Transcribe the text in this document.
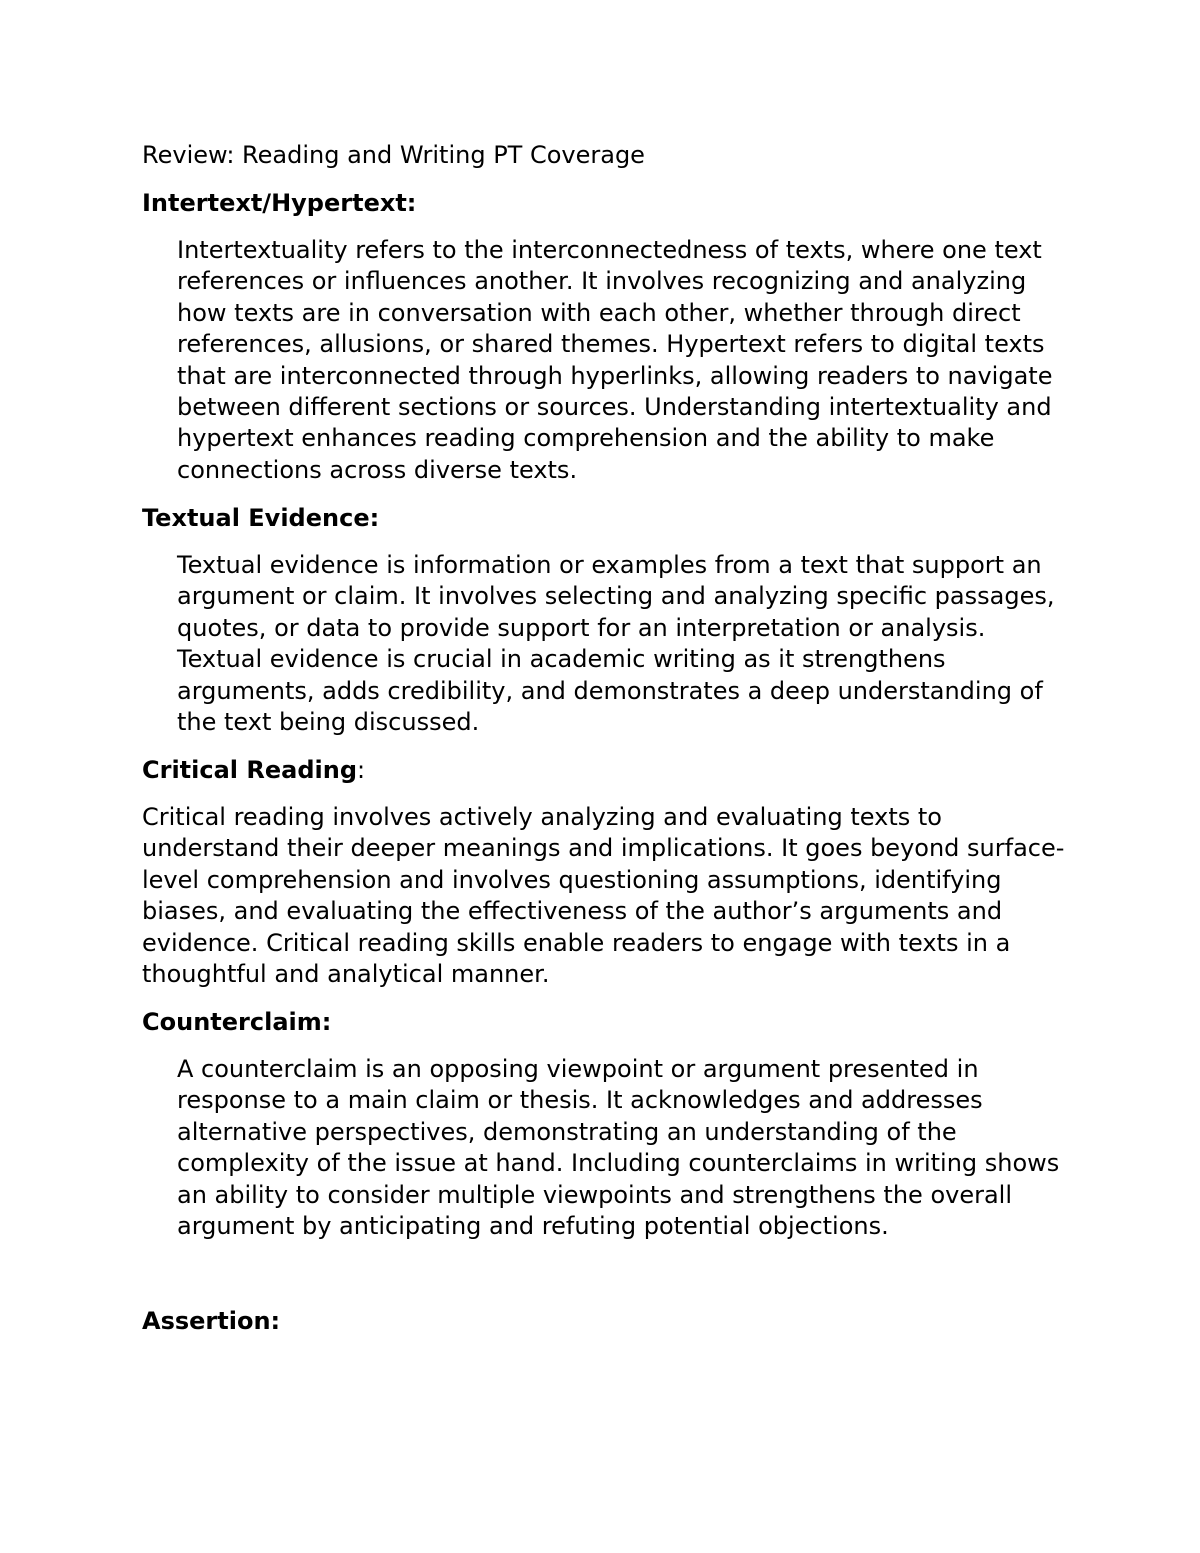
Review: Reading and Writing PT Coverage
Intertext/Hypertext:
Intertextuality refers to the interconnectedness of texts, where one text
references or influences another. It involves recognizing and analyzing
how texts are in conversation with each other, whether through direct
references, allusions, or shared themes. Hypertext refers to digital texts
that are interconnected through hyperlinks, allowing readers to navigate
between different sections or sources. Understanding intertextuality and
hypertext enhances reading comprehension and the ability to make
connections across diverse texts.
Textual Evidence:
Textual evidence is information or examples from a text that support an
argument or claim. It involves selecting and analyzing specific passages,
quotes, or data to provide support for an interpretation or analysis.
Textual evidence is crucial in academic writing as it strengthens
arguments, adds credibility, and demonstrates a deep understanding of
the text being discussed.
Critical Reading:
Critical reading involves actively analyzing and evaluating texts to
understand their deeper meanings and implications. It goes beyond surface-
level comprehension and involves questioning assumptions, identifying
biases, and evaluating the effectiveness of the author’s arguments and
evidence. Critical reading skills enable readers to engage with texts in a
thoughtful and analytical manner.
Counterclaim:
A counterclaim is an opposing viewpoint or argument presented in
response to a main claim or thesis. It acknowledges and addresses
alternative perspectives, demonstrating an understanding of the
complexity of the issue at hand. Including counterclaims in writing shows
an ability to consider multiple viewpoints and strengthens the overall
argument by anticipating and refuting potential objections.
Assertion:
